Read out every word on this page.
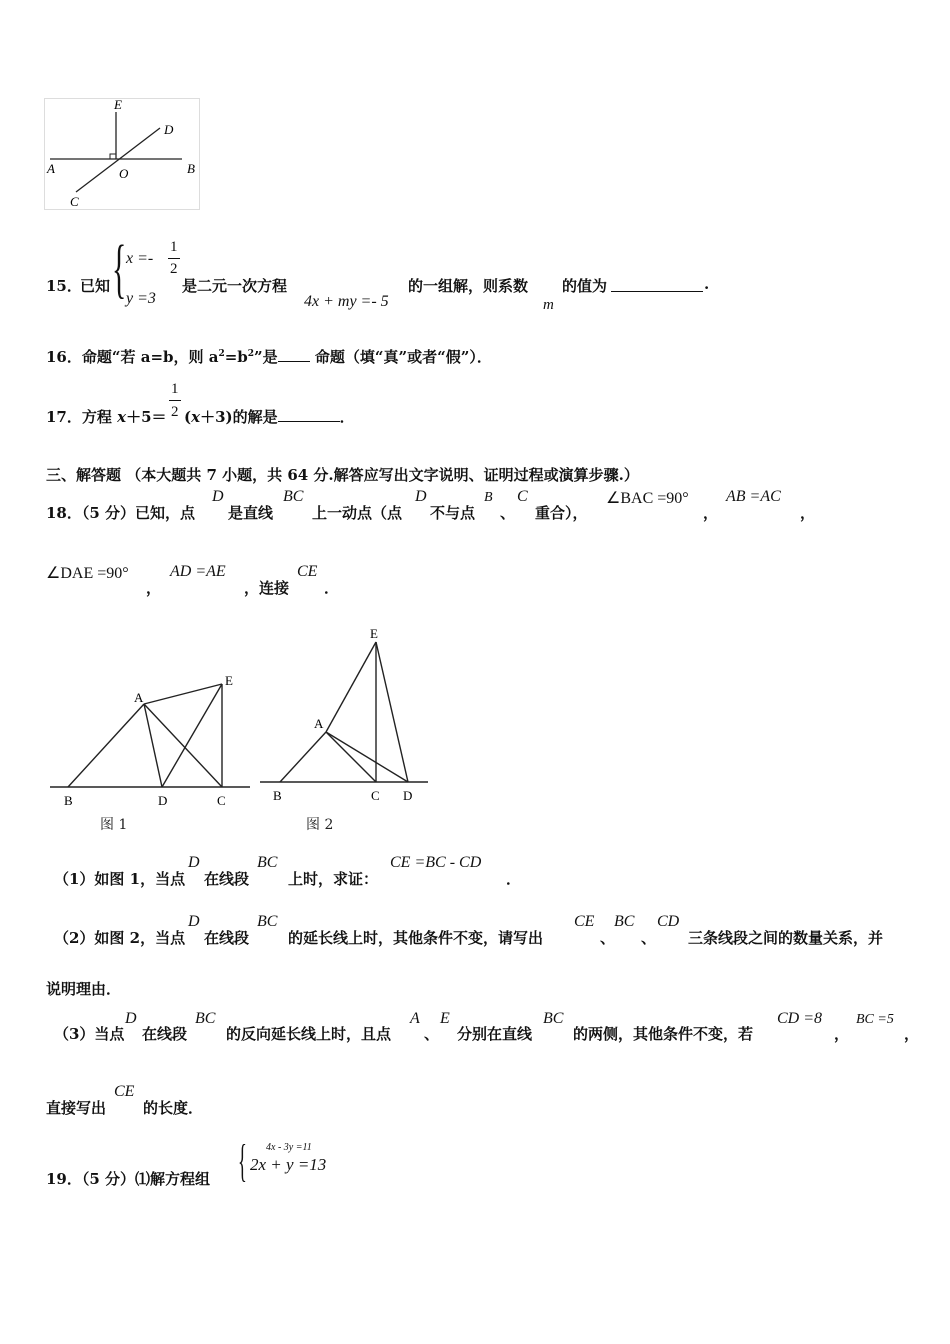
E
D
A	O	B
C
15．
已知 { x =-
1
2
y =3
是二元一次方程
4x + my =- 5
的一组解，则系数
m
的值为	.
16．命题“若 a=b，则 $a^2=b^2$”是 命题（填“真”或者“假”）．
17．方程 x＋5＝
1
2 (x＋3)的解是	．
三、解答题 （本大题共 7 小题，共 64 分.解答应写出文字说明、证明过程或演算步骤.）
18．（5 分）已知，点
D
是直线
BC
上一动点（点
D
不与点
B
、
C
重合），
∠BAC =90°
，
AB =AC
，
∠DAE =90°
，
AD =AE
，连接
CE
．
A
E
B	D	C
图 1
E
A
B	C D
图 2
（1）如图 1，当点
D
在线段
BC
上时，求证：
CE =BC - CD
．
（2）如图 2，当点
D
在线段
BC
的延长线上时，其他条件不变，请写出
CE
、
BC
、
CD
三条线段之间的数量关系，并
说明理由．
（3）当点
D
在线段
BC
的反向延长线上时，且点
A
、
E
分别在直线
BC
的两侧，其他条件不变，若
CD =8
，
BC =5
，
直接写出
CE
的长度．
19．（5 分）⑴解方程组 { 4x - 3y =11
2x + y =13
